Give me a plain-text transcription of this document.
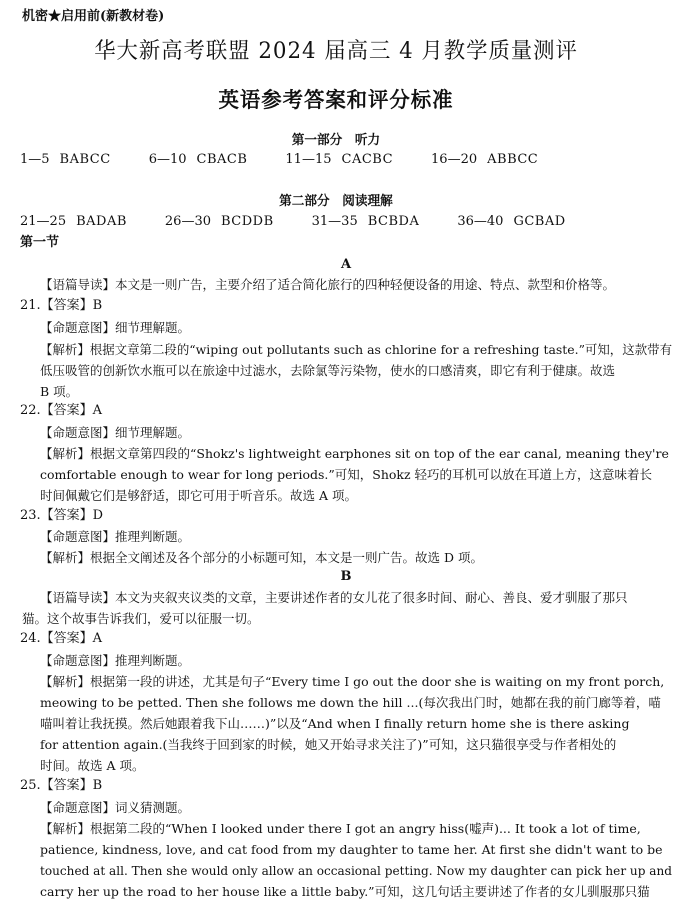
机密★启用前(新教材卷)
华大新高考联盟 2024 届高三 4 月教学质量测评
英语参考答案和评分标准
第一部分　听力
1—5 BABCC	6—10 CBACB	11—15 CACBC	16—20 ABBCC
第二部分　阅读理解
21—25 BADAB	26—30 BCDDB	31—35 BCBDA	36—40 GCBAD
第一节
A
【语篇导读】本文是一则广告，主要介绍了适合简化旅行的四种轻便设备的用途、特点、款型和价格等。
21.【答案】B
【命题意图】细节理解题。
【解析】根据文章第二段的“wiping out pollutants such as chlorine for a refreshing taste.”可知，这款带有
低压吸管的创新饮水瓶可以在旅途中过滤水，去除氯等污染物，使水的口感清爽，即它有利于健康。故选
B 项。
22.【答案】A
【命题意图】细节理解题。
【解析】根据文章第四段的“Shokz's lightweight earphones sit on top of the ear canal, meaning they're
comfortable enough to wear for long periods.”可知，Shokz 轻巧的耳机可以放在耳道上方，这意味着长
时间佩戴它们是够舒适，即它可用于听音乐。故选 A 项。
23.【答案】D
【命题意图】推理判断题。
【解析】根据全文阐述及各个部分的小标题可知，本文是一则广告。故选 D 项。
B
【语篇导读】本文为夹叙夹议类的文章，主要讲述作者的女儿花了很多时间、耐心、善良、爱才驯服了那只
猫。这个故事告诉我们，爱可以征服一切。
24.【答案】A
【命题意图】推理判断题。
【解析】根据第一段的讲述，尤其是句子“Every time I go out the door she is waiting on my front porch,
meowing to be petted. Then she follows me down the hill ...(每次我出门时，她都在我的前门廊等着，喵
喵叫着让我抚摸。然后她跟着我下山……)”以及“And when I finally return home she is there asking
for attention again.(当我终于回到家的时候，她又开始寻求关注了)”可知，这只猫很享受与作者相处的
时间。故选 A 项。
25.【答案】B
【命题意图】词义猜测题。
【解析】根据第二段的“When I looked under there I got an angry hiss(嘘声)... It took a lot of time,
patience, kindness, love, and cat food from my daughter to tame her. At first she didn't want to be
touched at all. Then she would only allow an occasional petting. Now my daughter can pick her up and
carry her up the road to her house like a little baby.”可知，这几句话主要讲述了作者的女儿驯服那只猫
